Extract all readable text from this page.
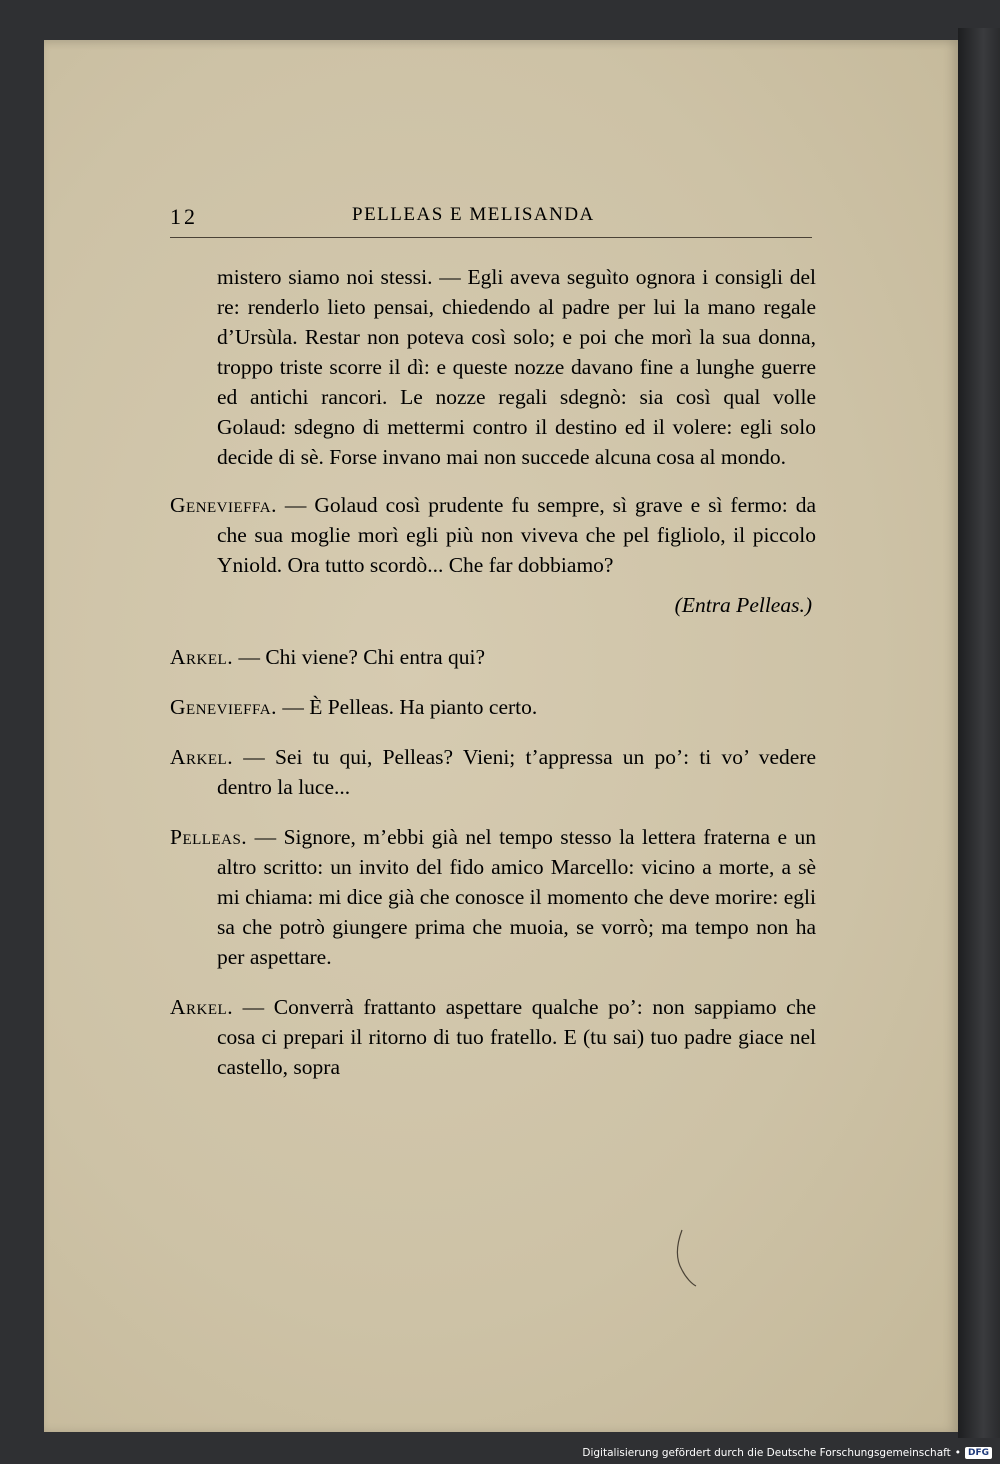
12	PELLEAS E MELISANDA

mistero siamo noi stessi. — Egli aveva seguìto ognora i consigli del re: renderlo lieto pensai, chiedendo al padre per lui la mano regale d’Ursùla. Restar non poteva così solo; e poi che morì la sua donna, troppo triste scorre il dì: e queste nozze davano fine a lunghe guerre ed antichi rancori. Le nozze regali sdegnò: sia così qual volle Golaud: sdegno di mettermi contro il destino ed il volere: egli solo decide di sè. Forse invano mai non succede alcuna cosa al mondo.

Genevieffa. — Golaud così prudente fu sempre, sì grave e sì fermo: da che sua moglie morì egli più non viveva che pel figliolo, il piccolo Yniold. Ora tutto scordò... Che far dobbiamo?

(Entra Pelleas.)

Arkel. — Chi viene? Chi entra qui?

Genevieffa. — È Pelleas. Ha pianto certo.

Arkel. — Sei tu qui, Pelleas? Vieni; t’appressa un po’: ti vo’ vedere dentro la luce...

Pelleas. — Signore, m’ebbi già nel tempo stesso la lettera fraterna e un altro scritto: un invito del fido amico Marcello: vicino a morte, a sè mi chiama: mi dice già che conosce il momento che deve morire: egli sa che potrò giungere prima che muoia, se vorrò; ma tempo non ha per aspettare.

Arkel. — Converrà frattanto aspettare qualche po’: non sappiamo che cosa ci prepari il ritorno di tuo fratello. E (tu sai) tuo padre giace nel castello, sopra

Digitalisierung gefördert durch die Deutsche Forschungsgemeinschaft • DFG
